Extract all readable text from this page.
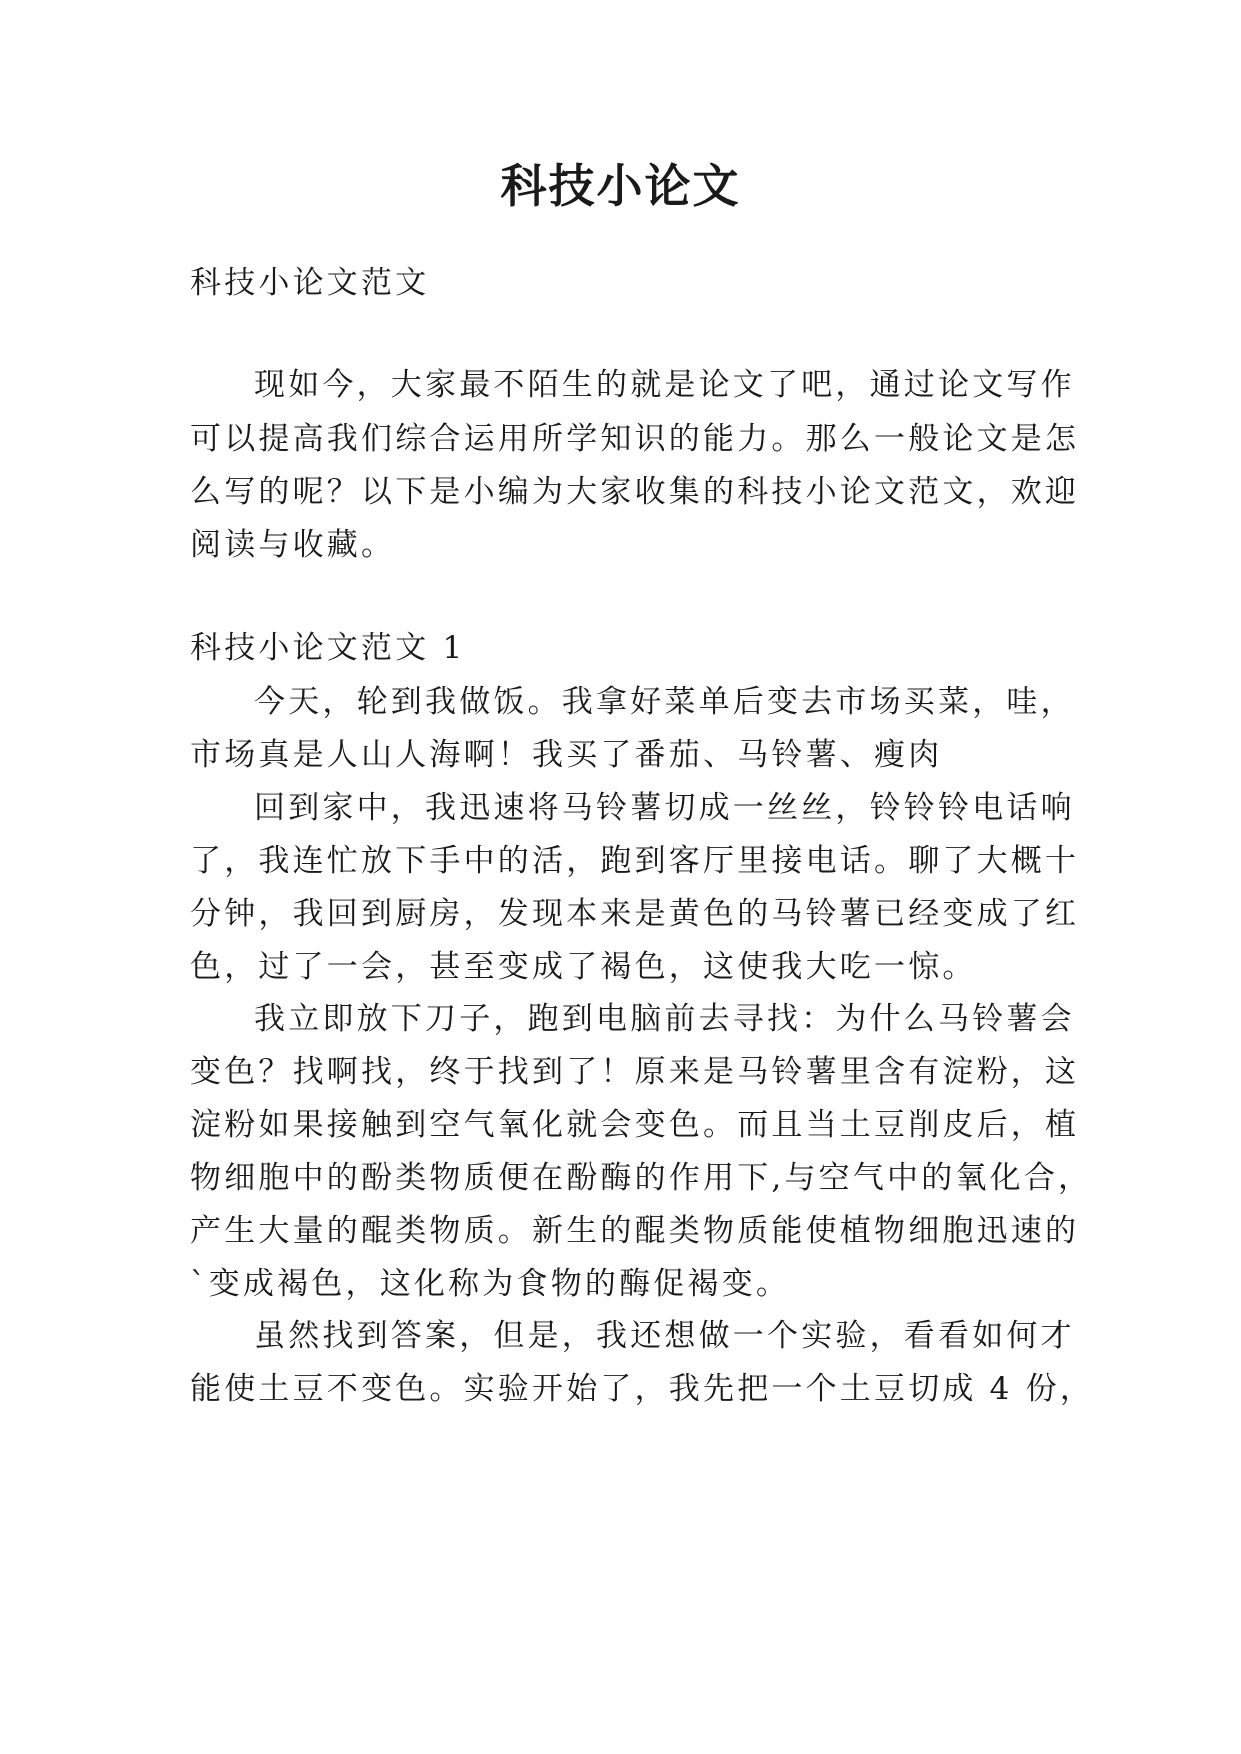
科技小论文

科技小论文范文

现如今，大家最不陌生的就是论文了吧，通过论文写作

可以提高我们综合运用所学知识的能力。那么一般论文是怎

么写的呢？以下是小编为大家收集的科技小论文范文，欢迎

阅读与收藏。

科技小论文范文 1

今天，轮到我做饭。我拿好菜单后变去市场买菜，哇，

市场真是人山人海啊！我买了番茄、马铃薯、瘦肉

回到家中，我迅速将马铃薯切成一丝丝，铃铃铃电话响

了，我连忙放下手中的活，跑到客厅里接电话。聊了大概十

分钟，我回到厨房，发现本来是黄色的马铃薯已经变成了红

色，过了一会，甚至变成了褐色，这使我大吃一惊。

我立即放下刀子，跑到电脑前去寻找：为什么马铃薯会

变色？找啊找，终于找到了！原来是马铃薯里含有淀粉，这

淀粉如果接触到空气氧化就会变色。而且当土豆削皮后，植

物细胞中的酚类物质便在酚酶的作用下,与空气中的氧化合，

产生大量的醌类物质。新生的醌类物质能使植物细胞迅速的

`变成褐色，这化称为食物的酶促褐变。

虽然找到答案，但是，我还想做一个实验，看看如何才

能使土豆不变色。实验开始了，我先把一个土豆切成 4 份，
